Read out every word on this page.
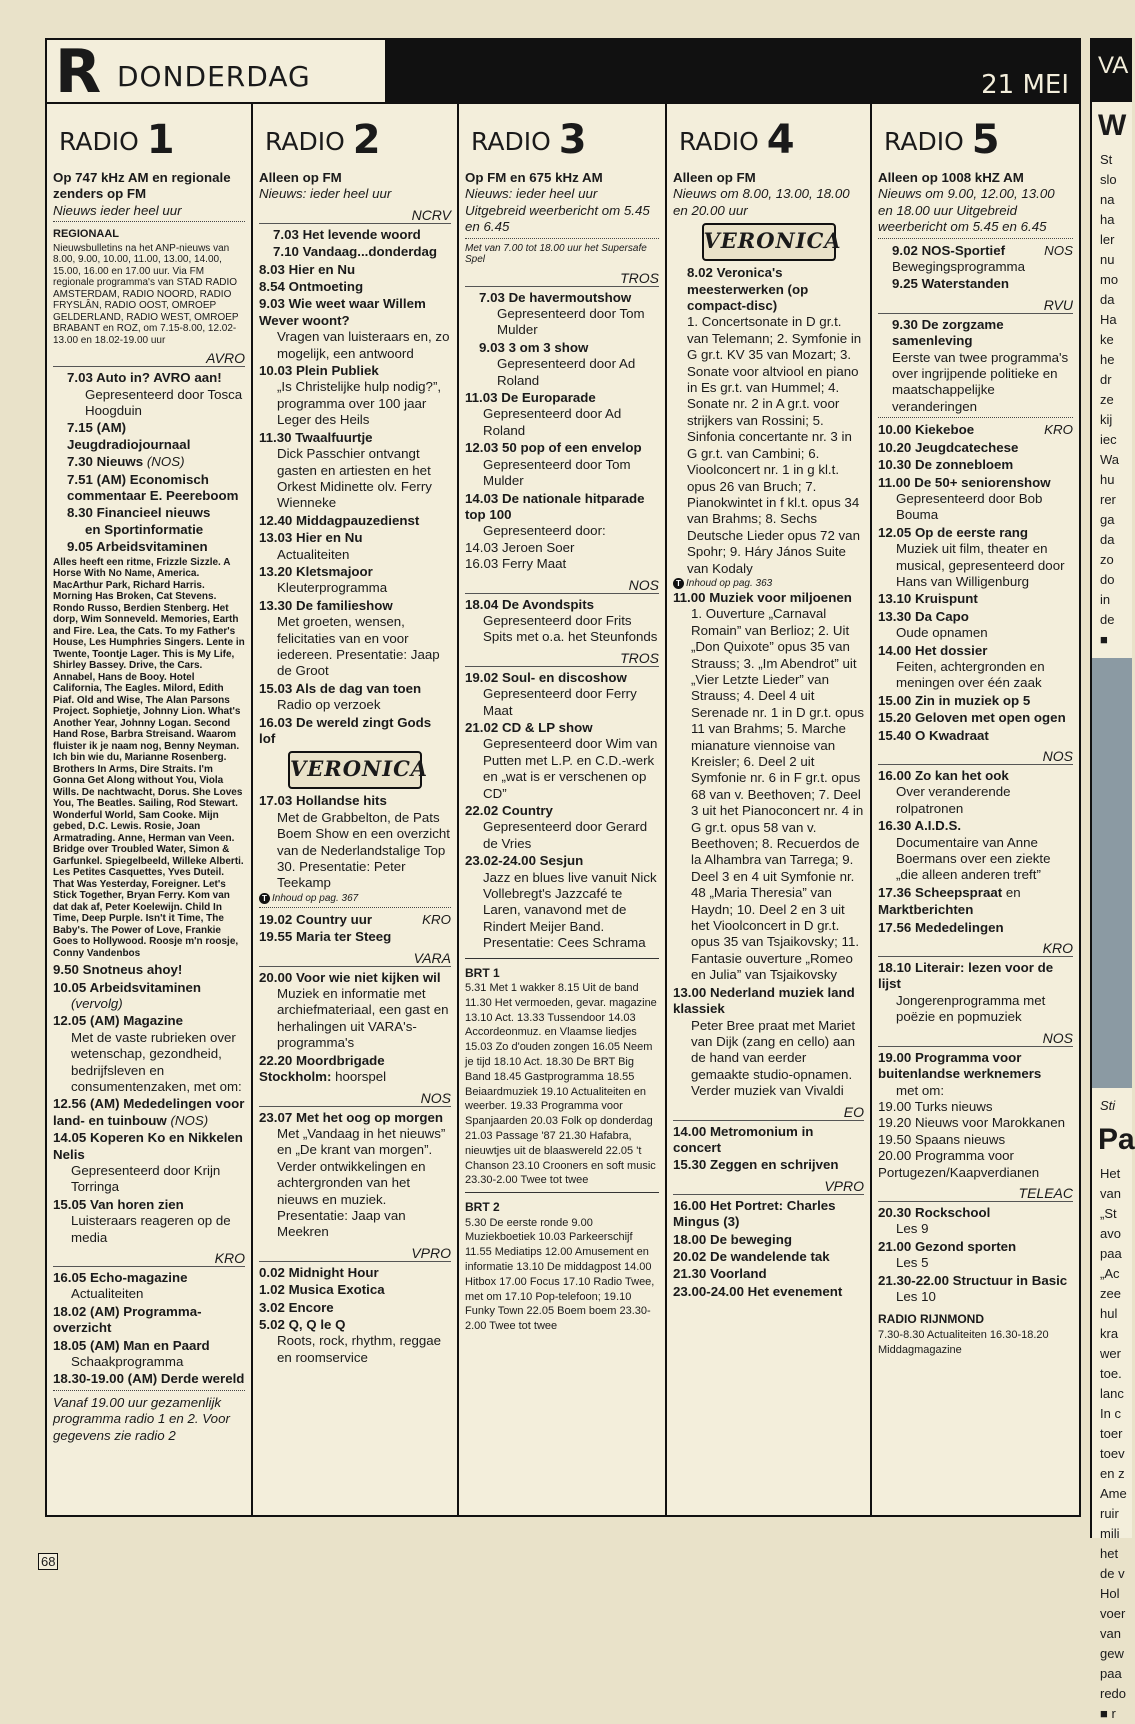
R DONDERDAG	21 MEI
RADIO 1
Op 747 kHz AM en regionale zenders op FM
Nieuws ieder heel uur
REGIONAAL
Nieuwsbulletins na het ANP-nieuws van 8.00, 9.00, 10.00, 11.00, 13.00, 14.00, 15.00, 16.00 en 17.00 uur. Via FM regionale programma's van STAD RADIO AMSTERDAM, RADIO NOORD, RADIO FRYSLÂN, RADIO OOST, OMROEP GELDERLAND, RADIO WEST, OMROEP BRABANT en ROZ, om 7.15-8.00, 12.02-13.00 en 18.02-19.00 uur
AVRO
7.03 Auto in? AVRO aan!
Gepresenteerd door Tosca Hoogduin
7.15 (AM) Jeugdradiojournaal
7.30 Nieuws (NOS)
7.51 (AM) Economisch commentaar E. Peereboom
8.30 Financieel nieuws
en Sportinformatie
9.05 Arbeidsvitaminen
Alles heeft een ritme, Frizzle Sizzle. A Horse With No Name, America. MacArthur Park, Richard Harris. Morning Has Broken, Cat Stevens. Rondo Russo, Berdien Stenberg. Het dorp, Wim Sonneveld. Memories, Earth and Fire. Lea, the Cats. To my Father's House, Les Humphries Singers. Lente in Twente, Toontje Lager. This is My Life, Shirley Bassey. Drive, the Cars. Annabel, Hans de Booy. Hotel California, The Eagles. Milord, Edith Piaf. Old and Wise, The Alan Parsons Project. Sophietje, Johnny Lion. What's Another Year, Johnny Logan. Second Hand Rose, Barbra Streisand. Waarom fluister ik je naam nog, Benny Neyman. Ich bin wie du, Marianne Rosenberg. Brothers In Arms, Dire Straits. I'm Gonna Get Along without You, Viola Wills. De nachtwacht, Dorus. She Loves You, The Beatles. Sailing, Rod Stewart. Wonderful World, Sam Cooke. Mijn gebed, D.C. Lewis. Rosie, Joan Armatrading. Anne, Herman van Veen. Bridge over Troubled Water, Simon & Garfunkel. Spiegelbeeld, Willeke Alberti. Les Petites Casquettes, Yves Duteil. That Was Yesterday, Foreigner. Let's Stick Together, Bryan Ferry. Kom van dat dak af, Peter Koelewijn. Child In Time, Deep Purple. Isn't it Time, The Baby's. The Power of Love, Frankie Goes to Hollywood. Roosje m'n roosje, Conny Vandenbos
9.50 Snotneus ahoy!
10.05 Arbeidsvitaminen
(vervolg)
12.05 (AM) Magazine
Met de vaste rubrieken over wetenschap, gezondheid, bedrijfsleven en consumentenzaken, met om:
12.56 (AM) Mededelingen voor land- en tuinbouw (NOS)
14.05 Koperen Ko en Nikkelen Nelis
Gepresenteerd door Krijn Torringa
15.05 Van horen zien
Luisteraars reageren op de media
KRO
16.05 Echo-magazine
Actualiteiten
18.02 (AM) Programma-overzicht
18.05 (AM) Man en Paard
Schaakprogramma
18.30-19.00 (AM) Derde wereld
Vanaf 19.00 uur gezamenlijk programma radio 1 en 2. Voor gegevens zie radio 2
RADIO 2
Alleen op FM
Nieuws: ieder heel uur
NCRV
7.03 Het levende woord
7.10 Vandaag...donderdag
8.03 Hier en Nu
8.54 Ontmoeting
9.03 Wie weet waar Willem Wever woont?
Vragen van luisteraars en, zo mogelijk, een antwoord
10.03 Plein Publiek
„Is Christelijke hulp nodig?”, programma over 100 jaar Leger des Heils
11.30 Twaalfuurtje
Dick Passchier ontvangt gasten en artiesten en het Orkest Midinette olv. Ferry Wienneke
12.40 Middagpauzedienst
13.03 Hier en Nu
Actualiteiten
13.20 Kletsmajoor
Kleuterprogramma
13.30 De familieshow
Met groeten, wensen, felicitaties van en voor iedereen. Presentatie: Jaap de Groot
15.03 Als de dag van toen
Radio op verzoek
16.03 De wereld zingt Gods lof
VERONICA
17.03 Hollandse hits
Met de Grabbelton, de Pats Boem Show en een overzicht van de Nederlandstalige Top 30. Presentatie: Peter Teekamp
T Inhoud op pag. 367
19.02 Country uur	KRO
19.55 Maria ter Steeg
VARA
20.00 Voor wie niet kijken wil
Muziek en informatie met archiefmateriaal, een gast en herhalingen uit VARA's-programma's
22.20 Moordbrigade Stockholm: hoorspel
NOS
23.07 Met het oog op morgen
Met „Vandaag in het nieuws” en „De krant van morgen”. Verder ontwikkelingen en achtergronden van het nieuws en muziek. Presentatie: Jaap van Meekren
VPRO
0.02 Midnight Hour
1.02 Musica Exotica
3.02 Encore
5.02 Q, Q le Q
Roots, rock, rhythm, reggae en roomservice
RADIO 3
Op FM en 675 kHz AM
Nieuws: ieder heel uur Uitgebreid weerbericht om 5.45 en 6.45
Met van 7.00 tot 18.00 uur het Supersafe Spel
TROS
7.03 De havermoutshow
Gepresenteerd door Tom Mulder
9.03 3 om 3 show
Gepresenteerd door Ad Roland
11.03 De Europarade
Gepresenteerd door Ad Roland
12.03 50 pop of een envelop
Gepresenteerd door Tom Mulder
14.03 De nationale hitparade top 100
Gepresenteerd door:
14.03 Jeroen Soer
16.03 Ferry Maat
NOS
18.04 De Avondspits
Gepresenteerd door Frits Spits met o.a. het Steunfonds
TROS
19.02 Soul- en discoshow
Gepresenteerd door Ferry Maat
21.02 CD & LP show
Gepresenteerd door Wim van Putten met L.P. en C.D.-werk en „wat is er verschenen op CD”
22.02 Country
Gepresenteerd door Gerard de Vries
23.02-24.00 Sesjun
Jazz en blues live vanuit Nick Vollebregt's Jazzcafé te Laren, vanavond met de Rindert Meijer Band. Presentatie: Cees Schrama
BRT 1
5.31 Met 1 wakker 8.15 Uit de band 11.30 Het vermoeden, gevar. magazine 13.10 Act. 13.33 Tussendoor 14.03 Accordeonmuz. en Vlaamse liedjes 15.03 Zo d'ouden zongen 16.05 Neem je tijd 18.10 Act. 18.30 De BRT Big Band 18.45 Gastprogramma 18.55 Beiaardmuziek 19.10 Actualiteiten en weerber. 19.33 Programma voor Spanjaarden 20.03 Folk op donderdag 21.03 Passage '87 21.30 Hafabra, nieuwtjes uit de blaaswereld 22.05 't Chanson 23.10 Crooners en soft music 23.30-2.00 Twee tot twee
BRT 2
5.30 De eerste ronde 9.00 Muziekboetiek 10.03 Parkeerschijf 11.55 Mediatips 12.00 Amusement en informatie 13.10 De middagpost 14.00 Hitbox 17.00 Focus 17.10 Radio Twee, met om 17.10 Pop-telefoon; 19.10 Funky Town 22.05 Boem boem 23.30-2.00 Twee tot twee
RADIO 4
Alleen op FM
Nieuws om 8.00, 13.00, 18.00 en 20.00 uur
VERONICA
8.02 Veronica's meesterwerken (op compact-disc)
1. Concertsonate in D gr.t. van Telemann; 2. Symfonie in G gr.t. KV 35 van Mozart; 3. Sonate voor altviool en piano in Es gr.t. van Hummel; 4. Sonate nr. 2 in A gr.t. voor strijkers van Rossini; 5. Sinfonia concertante nr. 3 in G gr.t. van Cambini; 6. Vioolconcert nr. 1 in g kl.t. opus 26 van Bruch; 7. Pianokwintet in f kl.t. opus 34 van Brahms; 8. Sechs Deutsche Lieder opus 72 van Spohr; 9. Háry János Suite van Kodaly
T Inhoud op pag. 363
11.00 Muziek voor miljoenen
1. Ouverture „Carnaval Romain” van Berlioz; 2. Uit „Don Quixote” opus 35 van Strauss; 3. „Im Abendrot” uit „Vier Letzte Lieder” van Strauss; 4. Deel 4 uit Serenade nr. 1 in D gr.t. opus 11 van Brahms; 5. Marche mianature viennoise van Kreisler; 6. Deel 2 uit Symfonie nr. 6 in F gr.t. opus 68 van v. Beethoven; 7. Deel 3 uit het Pianoconcert nr. 4 in G gr.t. opus 58 van v. Beethoven; 8. Recuerdos de la Alhambra van Tarrega; 9. Deel 3 en 4 uit Symfonie nr. 48 „Maria Theresia” van Haydn; 10. Deel 2 en 3 uit het Vioolconcert in D gr.t. opus 35 van Tsjaikovsky; 11. Fantasie ouverture „Romeo en Julia” van Tsjaikovsky
13.00 Nederland muziek land klassiek
Peter Bree praat met Mariet van Dijk (zang en cello) aan de hand van eerder gemaakte studio-opnamen. Verder muziek van Vivaldi
EO
14.00 Metromonium in concert
15.30 Zeggen en schrijven
VPRO
16.00 Het Portret: Charles Mingus (3)
18.00 De beweging
20.02 De wandelende tak
21.30 Voorland
23.00-24.00 Het evenement
RADIO 5
Alleen op 1008 kHZ AM
Nieuws om 9.00, 12.00, 13.00 en 18.00 uur Uitgebreid weerbericht om 5.45 en 6.45
9.02 NOS-Sportief	NOS
Bewegingsprogramma
9.25 Waterstanden
RVU
9.30 De zorgzame samenleving
Eerste van twee programma's over ingrijpende politieke en maatschappelijke veranderingen
10.00 Kiekeboe	KRO
10.20 Jeugdcatechese
10.30 De zonnebloem
11.00 De 50+ seniorenshow
Gepresenteerd door Bob Bouma
12.05 Op de eerste rang
Muziek uit film, theater en musical, gepresenteerd door Hans van Willigenburg
13.10 Kruispunt
13.30 Da Capo
Oude opnamen
14.00 Het dossier
Feiten, achtergronden en meningen over één zaak
15.00 Zin in muziek op 5
15.20 Geloven met open ogen
15.40 O Kwadraat
NOS
16.00 Zo kan het ook
Over veranderende rolpatronen
16.30 A.I.D.S.
Documentaire van Anne Boermans over een ziekte „die alleen anderen treft”
17.36 Scheepspraat en
Marktberichten
17.56 Mededelingen
KRO
18.10 Literair: lezen voor de lijst
Jongerenprogramma met poëzie en popmuziek
NOS
19.00 Programma voor buitenlandse werknemers
met om:
19.00 Turks nieuws
19.20 Nieuws voor Marokkanen
19.50 Spaans nieuws
20.00 Programma voor Portugezen/Kaapverdianen
TELEAC
20.30 Rockschool
Les 9
21.00 Gezond sporten
Les 5
21.30-22.00 Structuur in Basic
Les 10
RADIO RIJNMOND
7.30-8.30 Actualiteiten 16.30-18.20 Middagmagazine
68
VA
W
St
slo
na
ha
ler
nu
mo
da
Ha
ke
he
dr
ze
kij
iec
Wa
hu
rer
ga
da
zo
do
in
de
■
Sti
Pa
Het
van
„St
avo
paa
„Ac
zee
hul
kra
wer
toe.
lanc
In c
toer
toev
en z
Ame
ruir
mili
het
de v
Hol
voer
van
gew
paa
redo
■ r
